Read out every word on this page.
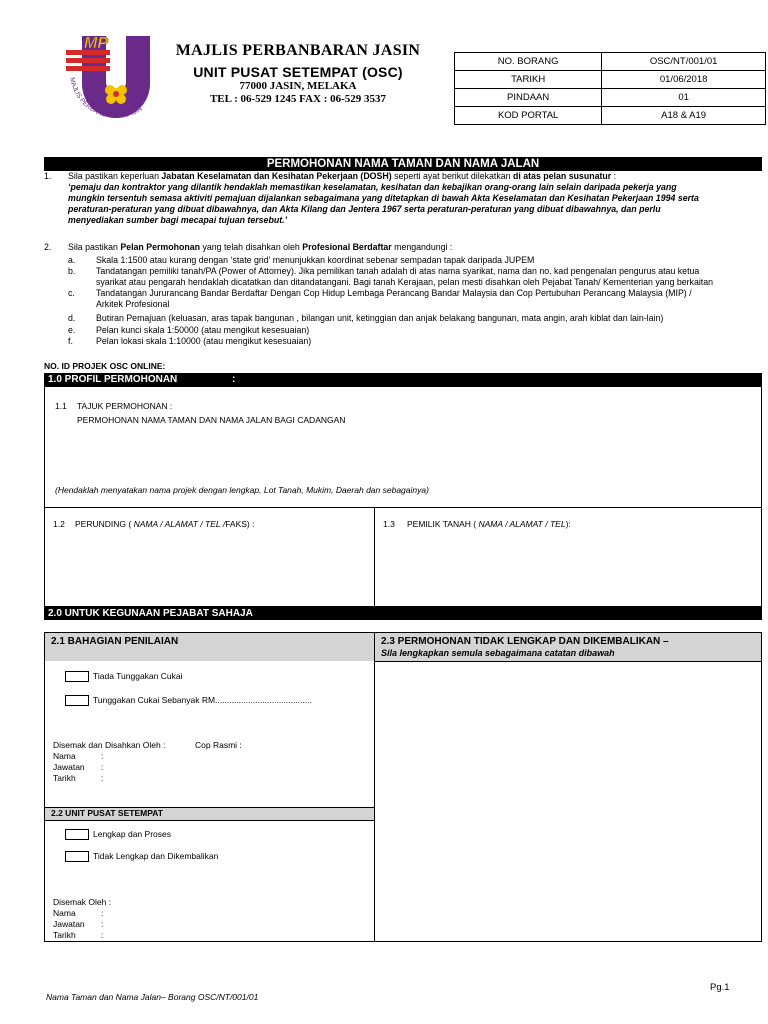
MP
MAJLIS PERBANDARAN JASIN
MAJLIS PERBANBARAN JASIN
UNIT PUSAT SETEMPAT (OSC)
77000 JASIN, MELAKA
TEL : 06-529 1245 FAX : 06-529 3537
NO. BORANG	OSC/NT/001/01
TARIKH	01/06/2018
PINDAAN	01
KOD PORTAL	A18 & A19
PERMOHONAN NAMA TAMAN DAN NAMA JALAN
1. Sila pastikan keperluan Jabatan Keselamatan dan Kesihatan Pekerjaan (DOSH) seperti ayat berikut dilekatkan di atas pelan susunatur :
‘pemaju dan kontraktor yang dilantik hendaklah memastikan keselamatan, kesihatan dan kebajikan orang-orang lain selain daripada pekerja yang
mungkin tersentuh semasa aktiviti pemajuan dijalankan sebagaimana yang ditetapkan di bawah Akta Keselamatan dan Kesihatan Pekerjaan 1994 serta
peraturan-peraturan yang dibuat dibawahnya, dan Akta Kilang dan Jentera 1967 serta peraturan-peraturan yang dibuat dibawahnya, dan perlu
menyediakan sumber bagi mecapai tujuan tersebut.’
2. Sila pastikan Pelan Permohonan yang telah disahkan oleh Profesional Berdaftar mengandungi :
a. Skala 1:1500 atau kurang dengan ‘state grid’ menunjukkan koordinat sebenar sempadan tapak daripada JUPEM
b. Tandatangan pemiliki tanah/PA (Power of Attorney). Jika pemilikan tanah adalah di atas nama syarikat, nama dan no. kad pengenalan pengurus atau ketua
syarikat atau pengarah hendaklah dicatatkan dan ditandatangani. Bagi tanah Kerajaan, pelan mesti disahkan oleh Pejabat Tanah/ Kementerian yang berkaitan
c. Tandatangan Jururancang Bandar Berdaftar Dengan Cop Hidup Lembaga Perancang Bandar Malaysia dan Cop Pertubuhan Perancang Malaysia (MIP) /
Arkitek Profesional
d. Butiran Pemajuan (keluasan, aras tapak bangunan , bilangan unit, ketinggian dan anjak belakang bangunan, mata angin, arah kiblat dan lain-lain)
e. Pelan kunci skala 1:50000 (atau mengikut kesesuaian)
f.	Pelan lokasi skala 1:10000 (atau mengikut kesesuaian)
NO. ID PROJEK OSC ONLINE:
1.0 PROFIL PERMOHONAN	:
1.1 TAJUK PERMOHONAN :
PERMOHONAN NAMA TAMAN DAN NAMA JALAN BAGI CADANGAN
(Hendaklah menyatakan nama projek dengan lengkap, Lot Tanah, Mukim, Daerah dan sebagainya)
1.2 PERUNDING ( NAMA / ALAMAT / TEL /FAKS) :	1.3 PEMILIK TANAH ( NAMA / ALAMAT / TEL):
2.0 UNTUK KEGUNAAN PEJABAT SAHAJA
2.1 BAHAGIAN PENILAIAN
Tiada Tunggakan Cukai
Tunggakan Cukai Sebanyak RM.........................................
Disemak dan Disahkan Oleh :	Cop Rasmi :
Nama	:
Jawatan :
Tarikh	:
2.2 UNIT PUSAT SETEMPAT
Lengkap dan Proses
Tidak Lengkap dan Dikembalikan
Disemak Oleh :
Nama	:
Jawatan :
Tarikh	:
2.3 PERMOHONAN TIDAK LENGKAP DAN DIKEMBALIKAN –
Sila lengkapkan semula sebagaimana catatan dibawah
Nama Taman dan Nama Jalan– Borang OSC/NT/001/01
Pg.1
